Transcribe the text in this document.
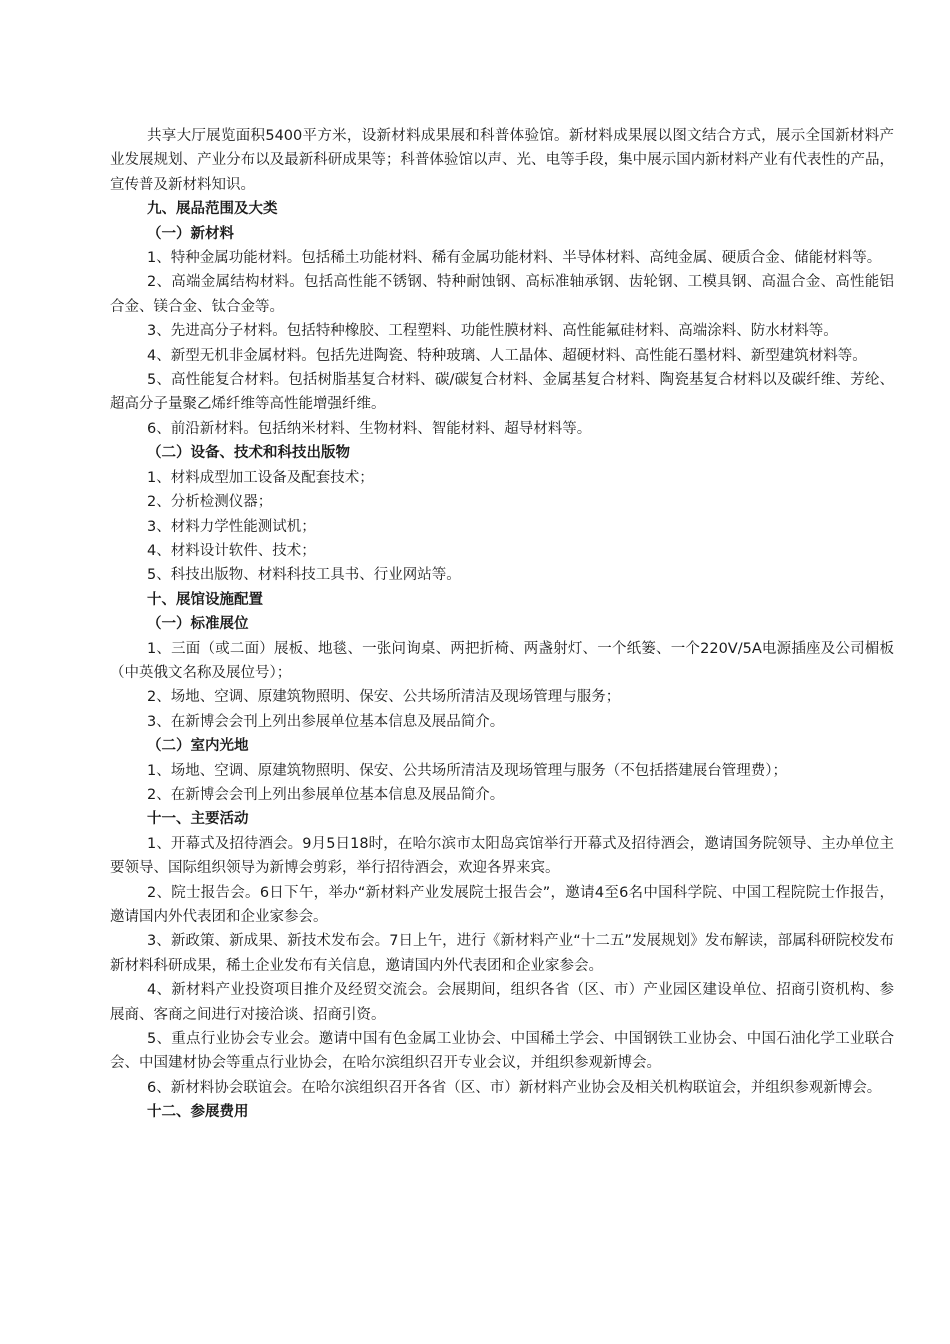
共享大厅展览面积5400平方米，设新材料成果展和科普体验馆。新材料成果展以图文结合方式，展示全国新材料产业发展规划、产业分布以及最新科研成果等；科普体验馆以声、光、电等手段，集中展示国内新材料产业有代表性的产品，宣传普及新材料知识。

九、展品范围及大类

（一）新材料

1、特种金属功能材料。包括稀土功能材料、稀有金属功能材料、半导体材料、高纯金属、硬质合金、储能材料等。

2、高端金属结构材料。包括高性能不锈钢、特种耐蚀钢、高标准轴承钢、齿轮钢、工模具钢、高温合金、高性能铝合金、镁合金、钛合金等。

3、先进高分子材料。包括特种橡胶、工程塑料、功能性膜材料、高性能氟硅材料、高端涂料、防水材料等。

4、新型无机非金属材料。包括先进陶瓷、特种玻璃、人工晶体、超硬材料、高性能石墨材料、新型建筑材料等。

5、高性能复合材料。包括树脂基复合材料、碳/碳复合材料、金属基复合材料、陶瓷基复合材料以及碳纤维、芳纶、超高分子量聚乙烯纤维等高性能增强纤维。

6、前沿新材料。包括纳米材料、生物材料、智能材料、超导材料等。

（二）设备、技术和科技出版物

1、材料成型加工设备及配套技术；

2、分析检测仪器；

3、材料力学性能测试机；

4、材料设计软件、技术；

5、科技出版物、材料科技工具书、行业网站等。

十、展馆设施配置

（一）标准展位

1、三面（或二面）展板、地毯、一张问询桌、两把折椅、两盏射灯、一个纸篓、一个220V/5A电源插座及公司楣板（中英俄文名称及展位号）；

2、场地、空调、原建筑物照明、保安、公共场所清洁及现场管理与服务；

3、在新博会会刊上列出参展单位基本信息及展品简介。

（二）室内光地

1、场地、空调、原建筑物照明、保安、公共场所清洁及现场管理与服务（不包括搭建展台管理费）；

2、在新博会会刊上列出参展单位基本信息及展品简介。

十一、主要活动

1、开幕式及招待酒会。9月5日18时，在哈尔滨市太阳岛宾馆举行开幕式及招待酒会，邀请国务院领导、主办单位主要领导、国际组织领导为新博会剪彩，举行招待酒会，欢迎各界来宾。

2、院士报告会。6日下午，举办“新材料产业发展院士报告会”，邀请4至6名中国科学院、中国工程院院士作报告，邀请国内外代表团和企业家参会。

3、新政策、新成果、新技术发布会。7日上午，进行《新材料产业“十二五”发展规划》发布解读，部属科研院校发布新材料科研成果，稀土企业发布有关信息，邀请国内外代表团和企业家参会。

4、新材料产业投资项目推介及经贸交流会。会展期间，组织各省（区、市）产业园区建设单位、招商引资机构、参展商、客商之间进行对接洽谈、招商引资。

5、重点行业协会专业会。邀请中国有色金属工业协会、中国稀土学会、中国钢铁工业协会、中国石油化学工业联合会、中国建材协会等重点行业协会，在哈尔滨组织召开专业会议，并组织参观新博会。

6、新材料协会联谊会。在哈尔滨组织召开各省（区、市）新材料产业协会及相关机构联谊会，并组织参观新博会。

十二、参展费用
